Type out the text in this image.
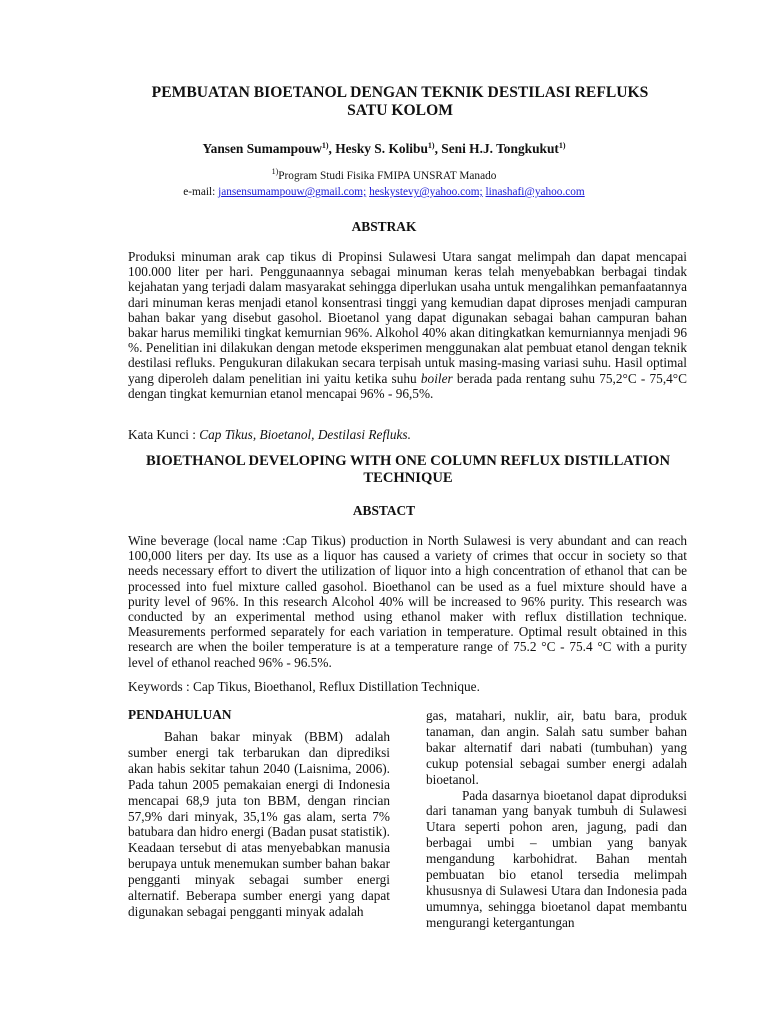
PEMBUATAN BIOETANOL DENGAN TEKNIK DESTILASI REFLUKS SATU KOLOM
Yansen Sumampouw$^{1)}$, Hesky S. Kolibu$^{1)}$, Seni H.J. Tongkukut$^{1)}$
$^{1)}$Program Studi Fisika FMIPA UNSRAT Manado
e-mail: jansensumampouw@gmail.com; heskystevy@yahoo.com; linashafi@yahoo.com
ABSTRAK

Produksi minuman arak cap tikus di Propinsi Sulawesi Utara sangat melimpah dan dapat mencapai 100.000 liter per hari. Penggunaannya sebagai minuman keras telah menyebabkan berbagai tindak kejahatan yang terjadi dalam masyarakat sehingga diperlukan usaha untuk mengalihkan pemanfaatannya dari minuman keras menjadi etanol konsentrasi tinggi yang kemudian dapat diproses menjadi campuran bahan bakar yang disebut gasohol. Bioetanol yang dapat digunakan sebagai bahan campuran bahan bakar harus memiliki tingkat kemurnian 96%. Alkohol 40% akan ditingkatkan kemurniannya menjadi 96 %. Penelitian ini dilakukan dengan metode eksperimen menggunakan alat pembuat etanol dengan teknik destilasi refluks. Pengukuran dilakukan secara terpisah untuk masing-masing variasi suhu. Hasil optimal yang diperoleh dalam penelitian ini yaitu ketika suhu boiler berada pada rentang suhu 75,2°C - 75,4°C dengan tingkat kemurnian etanol mencapai 96% - 96,5%.

Kata Kunci : Cap Tikus, Bioetanol, Destilasi Refluks.
BIOETHANOL DEVELOPING WITH ONE COLUMN REFLUX DISTILLATION TECHNIQUE
ABSTACT

Wine beverage (local name :Cap Tikus) production in North Sulawesi is very abundant and can reach 100,000 liters per day. Its use as a liquor has caused a variety of crimes that occur in society so that needs necessary effort to divert the utilization of liquor into a high concentration of ethanol that can be processed into fuel mixture called gasohol. Bioethanol can be used as a fuel mixture should have a purity level of 96%. In this research Alcohol 40% will be increased to 96% purity. This research was conducted by an experimental method using ethanol maker with reflux distillation technique. Measurements performed separately for each variation in temperature. Optimal result obtained in this research are when the boiler temperature is at a temperature range of 75.2 °C - 75.4 °C with a purity level of ethanol reached 96% - 96.5%.

Keywords : Cap Tikus, Bioethanol, Reflux Distillation Technique.
PENDAHULUAN

Bahan bakar minyak (BBM) adalah sumber energi tak terbarukan dan diprediksi akan habis sekitar tahun 2040 (Laisnima, 2006). Pada tahun 2005 pemakaian energi di Indonesia mencapai 68,9 juta ton BBM, dengan rincian 57,9% dari minyak, 35,1% gas alam, serta 7% batubara dan hidro energi (Badan pusat statistik). Keadaan tersebut di atas menyebabkan manusia berupaya untuk menemukan sumber bahan bakar pengganti minyak sebagai sumber energi alternatif. Beberapa sumber energi yang dapat digunakan sebagai pengganti minyak adalah

gas, matahari, nuklir, air, batu bara, produk tanaman, dan angin. Salah satu sumber bahan bakar alternatif dari nabati (tumbuhan) yang cukup potensial sebagai sumber energi adalah bioetanol.

Pada dasarnya bioetanol dapat diproduksi dari tanaman yang banyak tumbuh di Sulawesi Utara seperti pohon aren, jagung, padi dan berbagai umbi – umbian yang banyak mengandung karbohidrat. Bahan mentah pembuatan bio etanol tersedia melimpah khususnya di Sulawesi Utara dan Indonesia pada umumnya, sehingga bioetanol dapat membantu mengurangi ketergantungan
